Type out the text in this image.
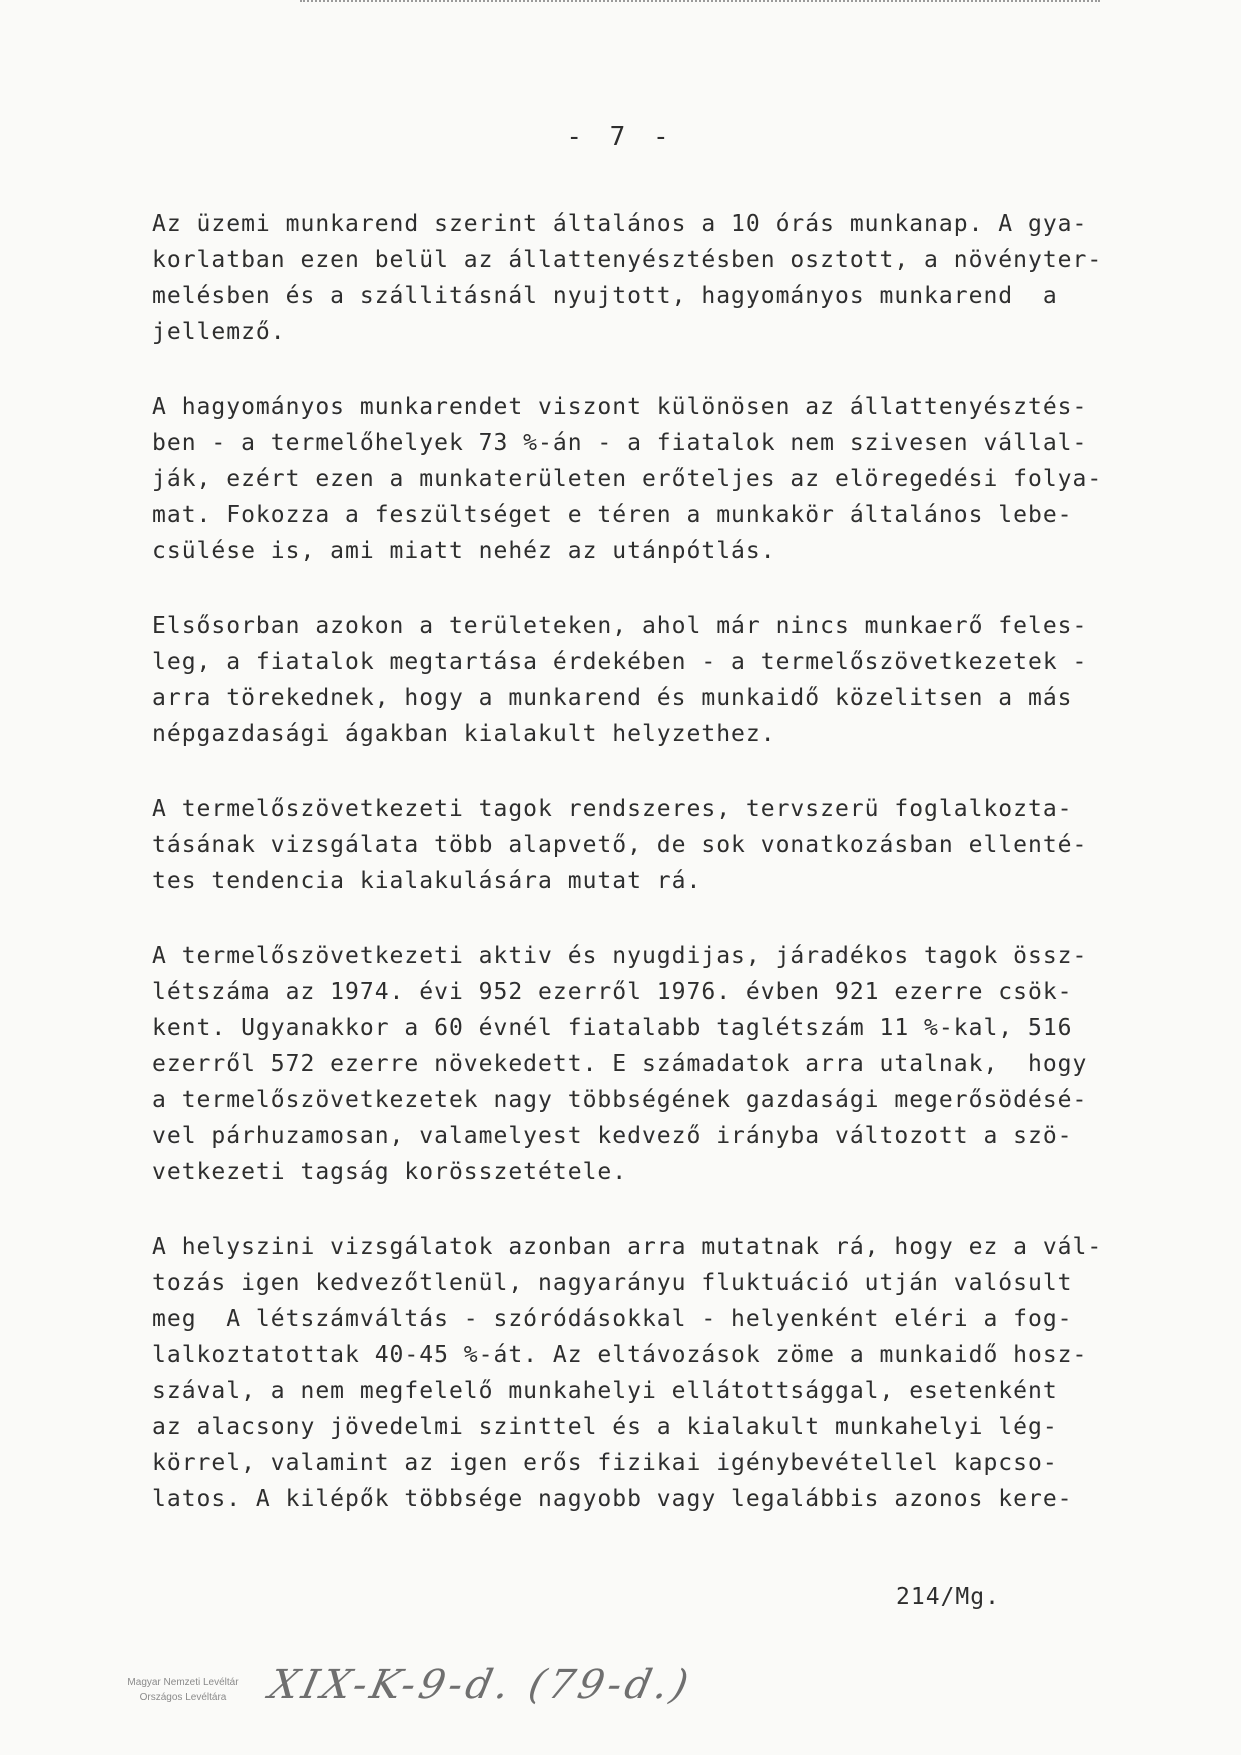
- 7 -
Az üzemi munkarend szerint általános a 10 órás munkanap. A gya-
korlatban ezen belül az állattenyésztésben osztott, a növényter-
melésben és a szállitásnál nyujtott, hagyományos munkarend  a
jellemző.
A hagyományos munkarendet viszont különösen az állattenyésztés-
ben - a termelőhelyek 73 %-án - a fiatalok nem szivesen vállal-
ják, ezért ezen a munkaterületen erőteljes az elöregedési folya-
mat. Fokozza a feszültséget e téren a munkakör általános lebe-
csülése is, ami miatt nehéz az utánpótlás.
Elsősorban azokon a területeken, ahol már nincs munkaerő feles-
leg, a fiatalok megtartása érdekében - a termelőszövetkezetek -
arra törekednek, hogy a munkarend és munkaidő közelitsen a más
népgazdasági ágakban kialakult helyzethez.
A termelőszövetkezeti tagok rendszeres, tervszerü foglalkozta-
tásának vizsgálata több alapvető, de sok vonatkozásban ellenté-
tes tendencia kialakulására mutat rá.
A termelőszövetkezeti aktiv és nyugdijas, járadékos tagok össz-
létszáma az 1974. évi 952 ezerről 1976. évben 921 ezerre csök-
kent. Ugyanakkor a 60 évnél fiatalabb taglétszám 11 %-kal, 516
ezerről 572 ezerre növekedett. E számadatok arra utalnak,  hogy
a termelőszövetkezetek nagy többségének gazdasági megerősödésé-
vel párhuzamosan, valamelyest kedvező irányba változott a szö-
vetkezeti tagság korösszetétele.
A helyszini vizsgálatok azonban arra mutatnak rá, hogy ez a vál-
tozás igen kedvezőtlenül, nagyarányu fluktuáció utján valósult
meg  A létszámváltás - szóródásokkal - helyenként eléri a fog-
lalkoztatottak 40-45 %-át. Az eltávozások zöme a munkaidő hosz-
szával, a nem megfelelő munkahelyi ellátottsággal, esetenként
az alacsony jövedelmi szinttel és a kialakult munkahelyi lég-
körrel, valamint az igen erős fizikai igénybevétellel kapcso-
latos. A kilépők többsége nagyobb vagy legalábbis azonos kere-
214/Mg.
Magyar Nemzeti Levéltár
Országos Levéltára XIX-K-9-d. (79-d.)
